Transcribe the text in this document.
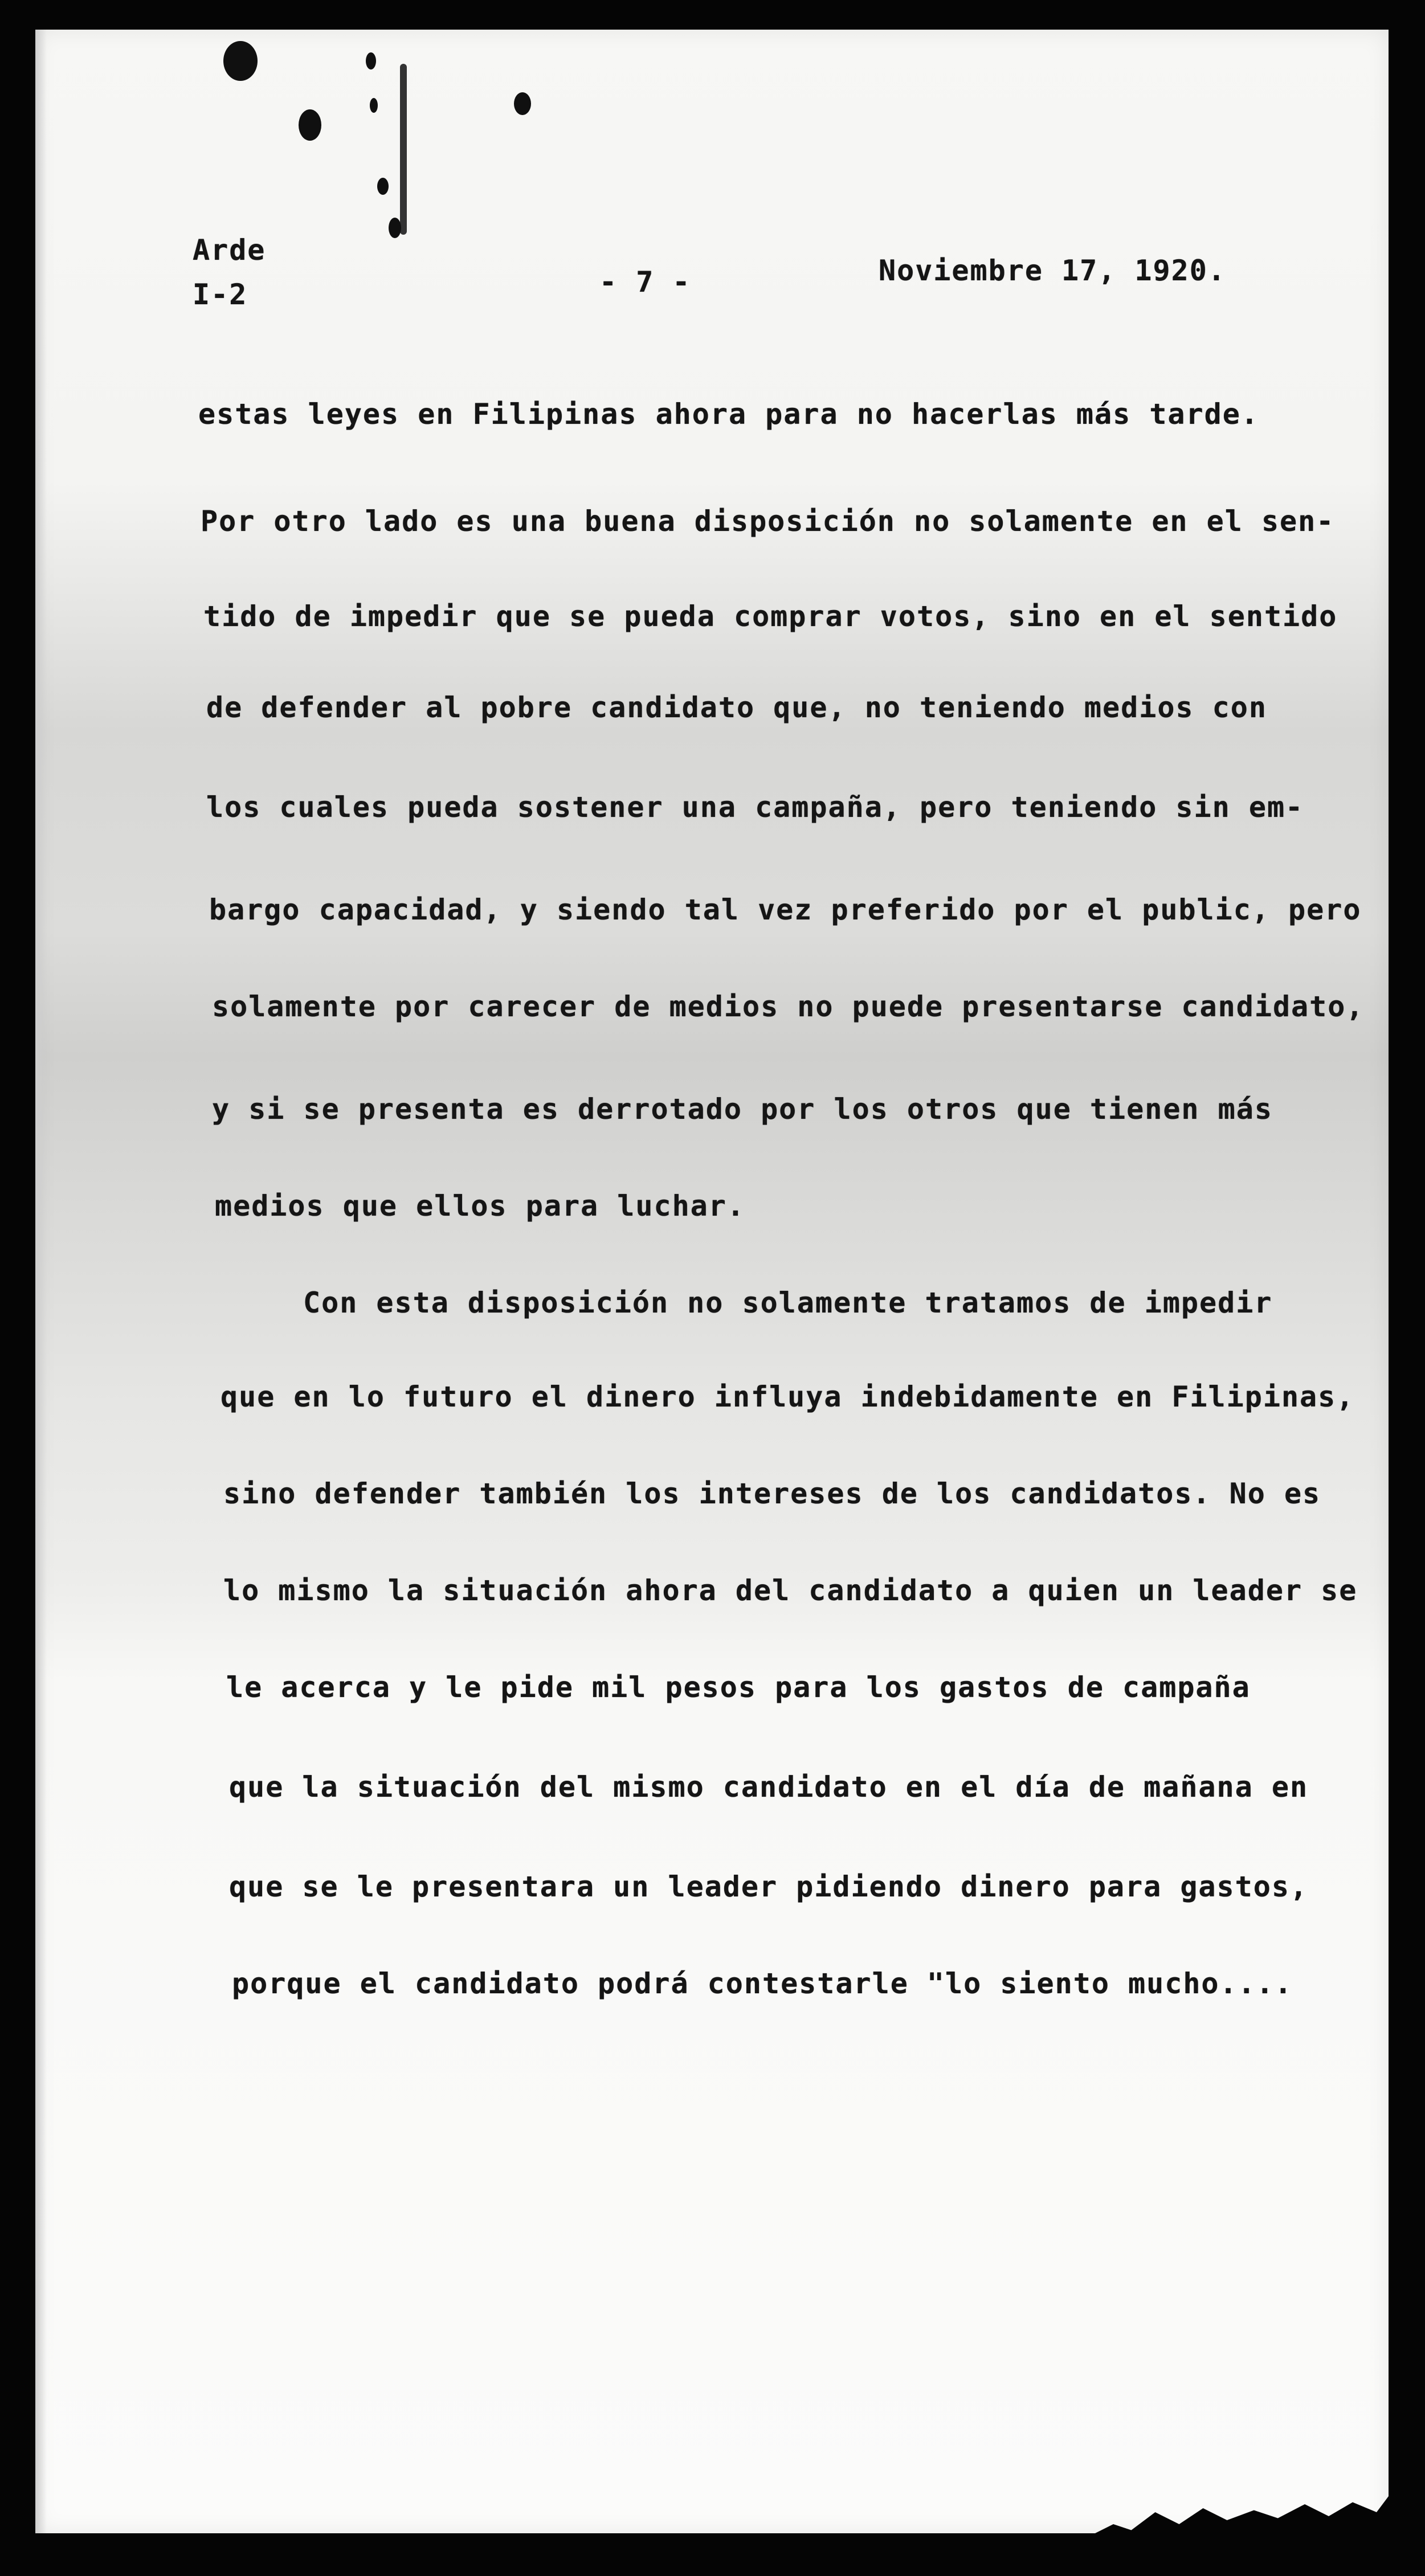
Arde
I-2	- 7 -	Noviembre 17, 1920.
estas leyes en Filipinas ahora para no hacerlas más tarde.
Por otro lado es una buena disposición no solamente en el sen-
tido de impedir que se pueda comprar votos, sino en el sentido
de defender al pobre candidato que, no teniendo medios con
los cuales pueda sostener una campaña, pero teniendo sin em-
bargo capacidad, y siendo tal vez preferido por el public, pero
solamente por carecer de medios no puede presentarse candidato,
y si se presenta es derrotado por los otros que tienen más
medios que ellos para luchar.
Con esta disposición no solamente tratamos de impedir
que en lo futuro el dinero influya indebidamente en Filipinas,
sino defender también los intereses de los candidatos. No es
lo mismo la situación ahora del candidato a quien un leader se
le acerca y le pide mil pesos para los gastos de campaña
que la situación del mismo candidato en el día de mañana en
que se le presentara un leader pidiendo dinero para gastos,
porque el candidato podrá contestarle "lo siento mucho....
